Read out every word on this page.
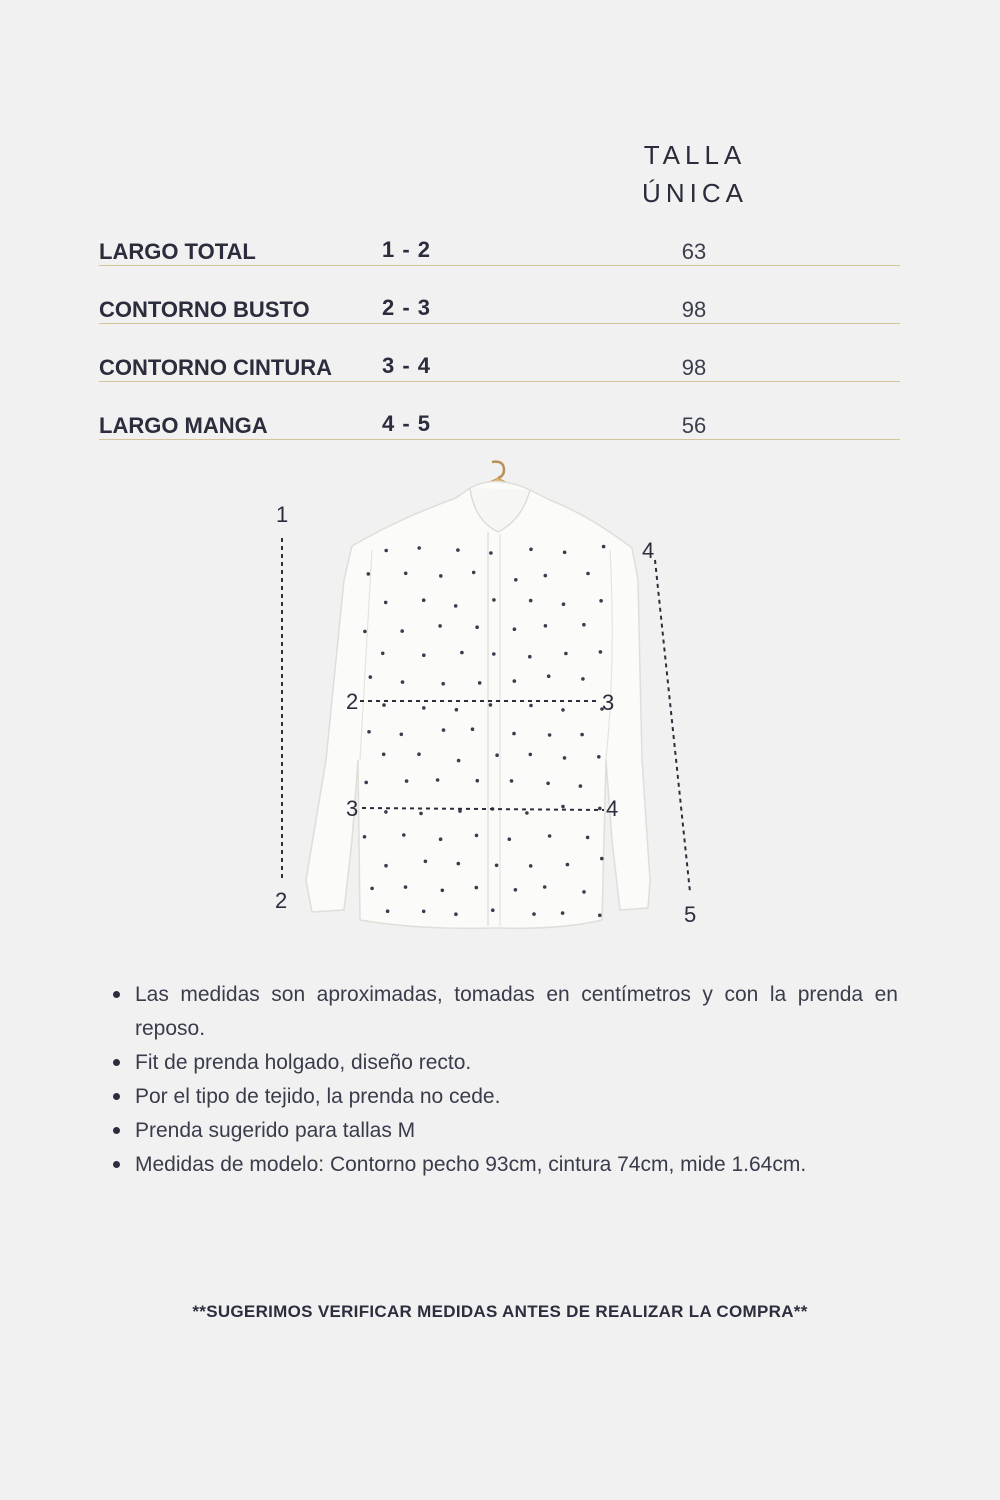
TALLA
ÚNICA
LARGO TOTAL	1 - 2	63
CONTORNO BUSTO	2 - 3	98
CONTORNO CINTURA 3 - 4	98
LARGO MANGA	4 - 5	56
1
2
2	3
3	4
4
5
Las medidas son aproximadas, tomadas en centímetros y con la prenda en reposo.
Fit de prenda holgado, diseño recto.
Por el tipo de tejido, la prenda no cede.
Prenda sugerido para tallas M
Medidas de modelo: Contorno pecho 93cm, cintura 74cm, mide 1.64cm.
**SUGERIMOS VERIFICAR MEDIDAS ANTES DE REALIZAR LA COMPRA**
